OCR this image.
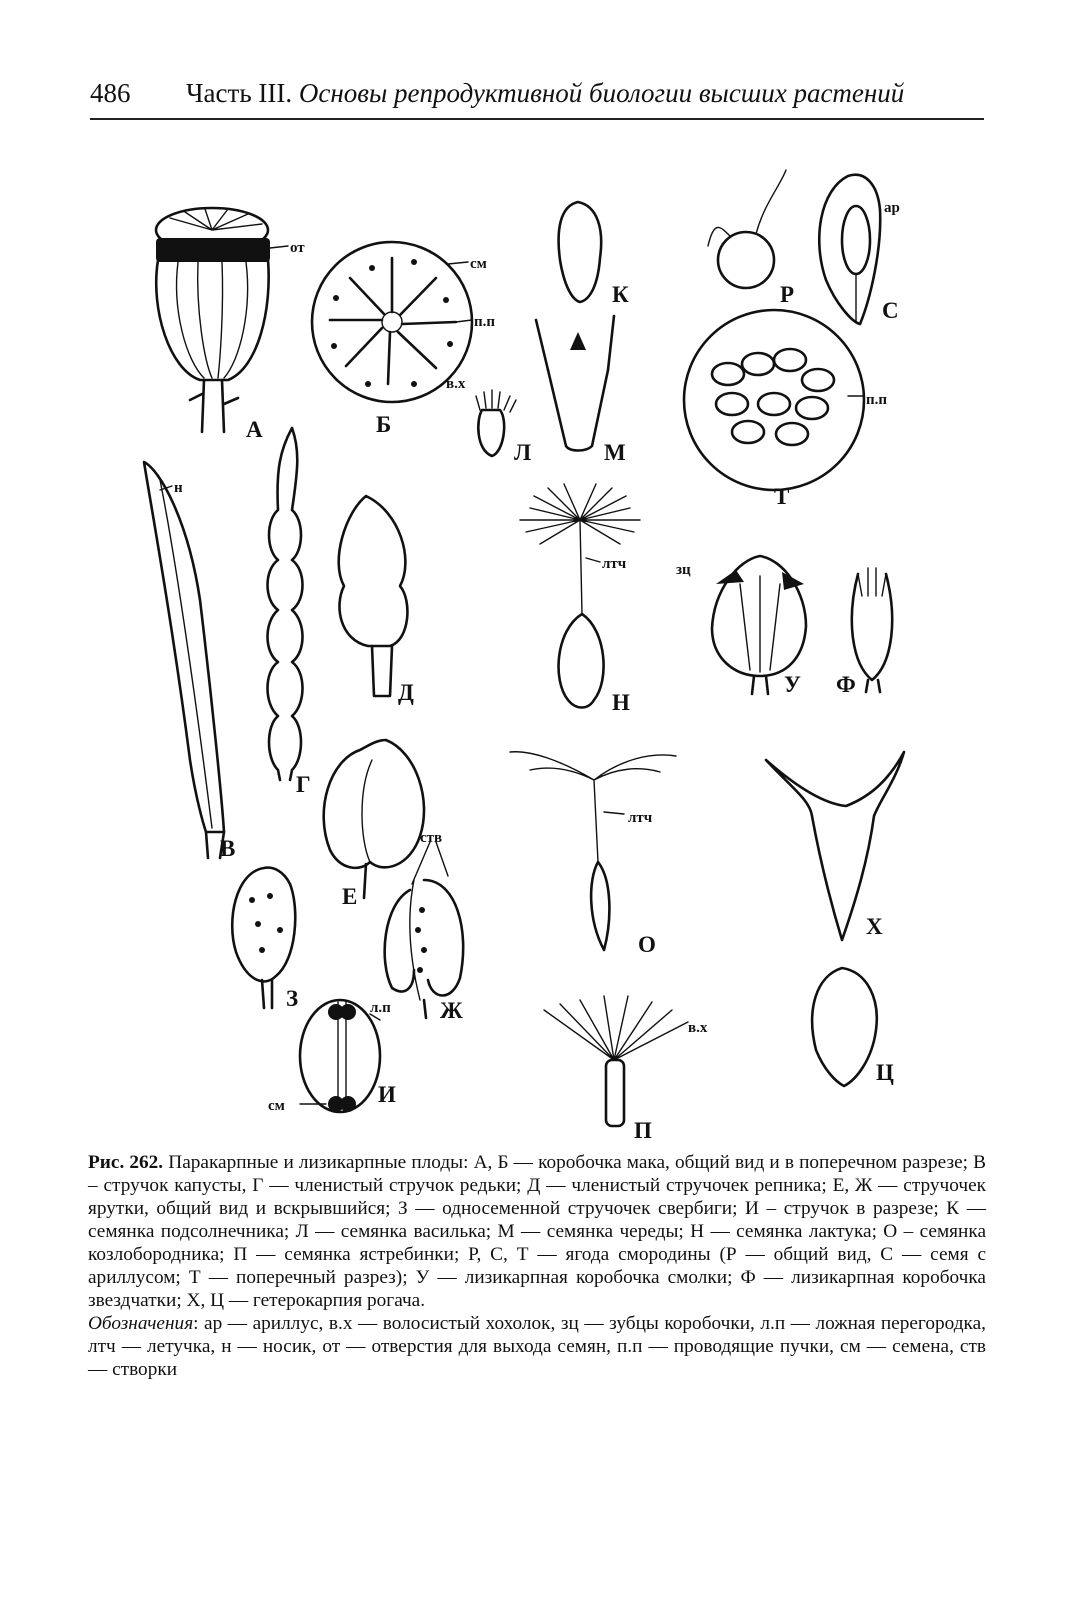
486 Часть III. Основы репродуктивной биологии высших растений
А	Б
К
Л	М
Р
С
Т
В
Г
Д	Н
У Ф
Е
О
Х
З	Ж
И
Ц
П
от
см
п.п
в.х
н
ар
п.п
лтч	зц
лтч
ств
л.п
см
в.х

Рис. 262. Паракарпные и лизикарпные плоды: А, Б — коробочка мака, общий вид и в поперечном разрезе; В – стручок капусты, Г — членистый стручок редьки; Д — членистый стручочек репника; Е, Ж — стручочек ярутки, общий вид и вскрывшийся; З — односеменной стручочек свербиги; И – стручок в разрезе; К — семянка подсолнечника; Л — семянка василька; М — семянка череды; Н — семянка лактука; О – семянка козлобородника; П — семянка ястребинки; Р, С, Т — ягода смородины (Р — общий вид, С — семя с ариллусом; Т — поперечный разрез); У — лизикарпная коробочка смолки; Ф — лизикарпная коробочка звездчатки; Х, Ц — гетерокарпия рогача.

Обозначения: ар — ариллус, в.х — волосистый хохолок, зц — зубцы коробочки, л.п — ложная перегородка, лтч — летучка, н — носик, от — отверстия для выхода семян, п.п — проводящие пучки, см — семена, ств — створки
